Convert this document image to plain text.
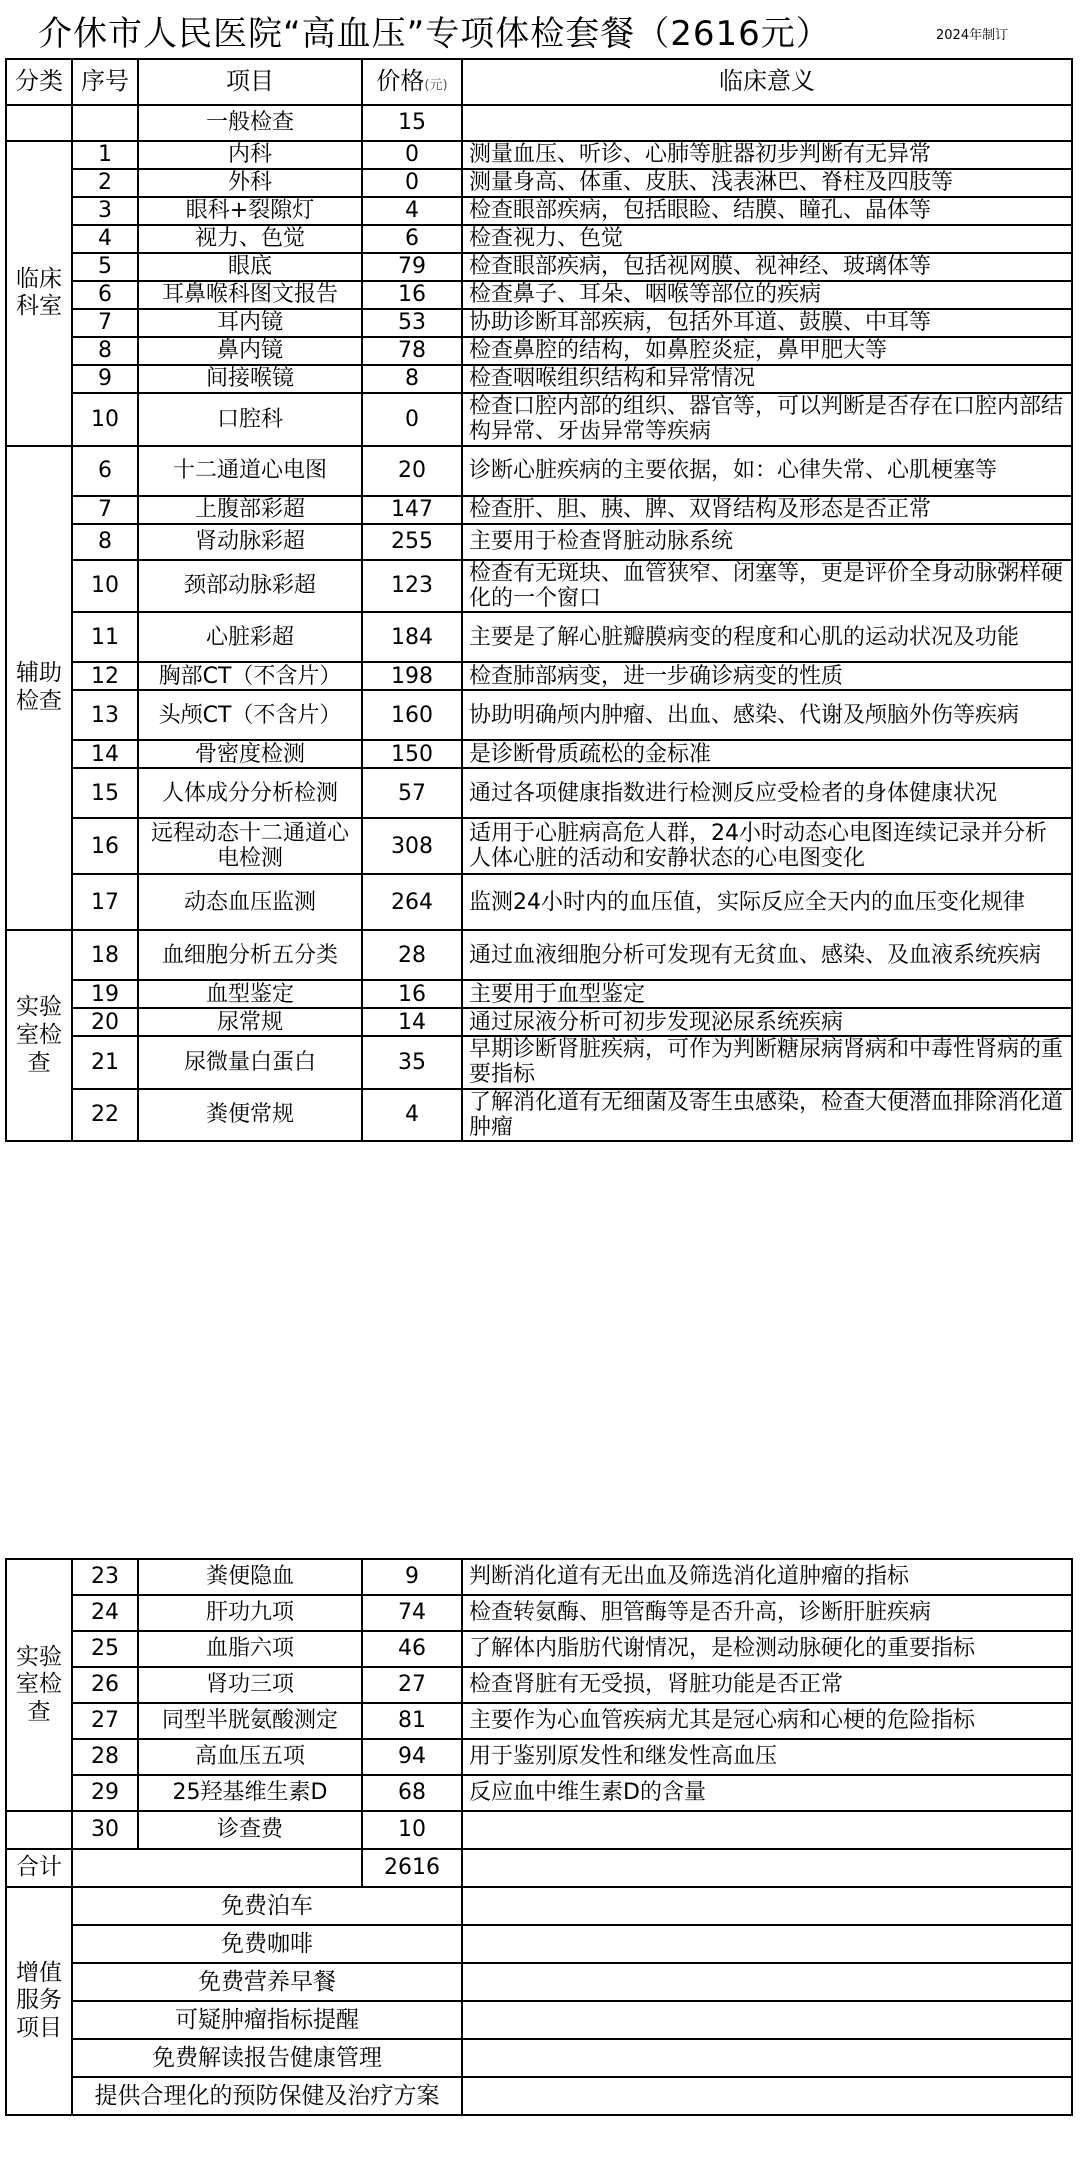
介休市人民医院“高血压”专项体检套餐（2616元）	2024年制订
分类	序号	项目	价格(元)	临床意义
		一般检查	15	
临床科室	1	内科	0	测量血压、听诊、心肺等脏器初步判断有无异常
	2	外科	0	测量身高、体重、皮肤、浅表淋巴、脊柱及四肢等
	3	眼科+裂隙灯	4	检查眼部疾病，包括眼睑、结膜、瞳孔、晶体等
	4	视力、色觉	6	检查视力、色觉
	5	眼底	79	检查眼部疾病，包括视网膜、视神经、玻璃体等
	6	耳鼻喉科图文报告	16	检查鼻子、耳朵、咽喉等部位的疾病
	7	耳内镜	53	协助诊断耳部疾病，包括外耳道、鼓膜、中耳等
	8	鼻内镜	78	检查鼻腔的结构，如鼻腔炎症，鼻甲肥大等
	9	间接喉镜	8	检查咽喉组织结构和异常情况
	10	口腔科	0	检查口腔内部的组织、器官等，可以判断是否存在口腔内部结构异常、牙齿异常等疾病
辅助检查	6	十二通道心电图	20	诊断心脏疾病的主要依据，如：心律失常、心肌梗塞等
	7	上腹部彩超	147	检查肝、胆、胰、脾、双肾结构及形态是否正常
	8	肾动脉彩超	255	主要用于检查肾脏动脉系统
	10	颈部动脉彩超	123	检查有无斑块、血管狭窄、闭塞等，更是评价全身动脉粥样硬化的一个窗口
	11	心脏彩超	184	主要是了解心脏瓣膜病变的程度和心肌的运动状况及功能
	12	胸部CT（不含片）	198	检查肺部病变，进一步确诊病变的性质
	13	头颅CT（不含片）	160	协助明确颅内肿瘤、出血、感染、代谢及颅脑外伤等疾病
	14	骨密度检测	150	是诊断骨质疏松的金标准
	15	人体成分分析检测	57	通过各项健康指数进行检测反应受检者的身体健康状况
	16	远程动态十二通道心电检测	308	适用于心脏病高危人群，24小时动态心电图连续记录并分析人体心脏的活动和安静状态的心电图变化
	17	动态血压监测	264	监测24小时内的血压值，实际反应全天内的血压变化规律
实验室检查	18	血细胞分析五分类	28	通过血液细胞分析可发现有无贫血、感染、及血液系统疾病
	19	血型鉴定	16	主要用于血型鉴定
	20	尿常规	14	通过尿液分析可初步发现泌尿系统疾病
	21	尿微量白蛋白	35	早期诊断肾脏疾病，可作为判断糖尿病肾病和中毒性肾病的重要指标
	22	粪便常规	4	了解消化道有无细菌及寄生虫感染，检查大便潜血排除消化道肿瘤
实验室检查	23	粪便隐血	9	判断消化道有无出血及筛选消化道肿瘤的指标
	24	肝功九项	74	检查转氨酶、胆管酶等是否升高，诊断肝脏疾病
	25	血脂六项	46	了解体内脂肪代谢情况，是检测动脉硬化的重要指标
	26	肾功三项	27	检查肾脏有无受损，肾脏功能是否正常
	27	同型半胱氨酸测定	81	主要作为心血管疾病尤其是冠心病和心梗的危险指标
	28	高血压五项	94	用于鉴别原发性和继发性高血压
	29	25羟基维生素D	68	反应血中维生素D的含量
	30	诊查费	10	
合计			2616	
增值服务项目	免费泊车			
	免费咖啡			
	免费营养早餐			
	可疑肿瘤指标提醒			
	免费解读报告健康管理			
	提供合理化的预防保健及治疗方案			
